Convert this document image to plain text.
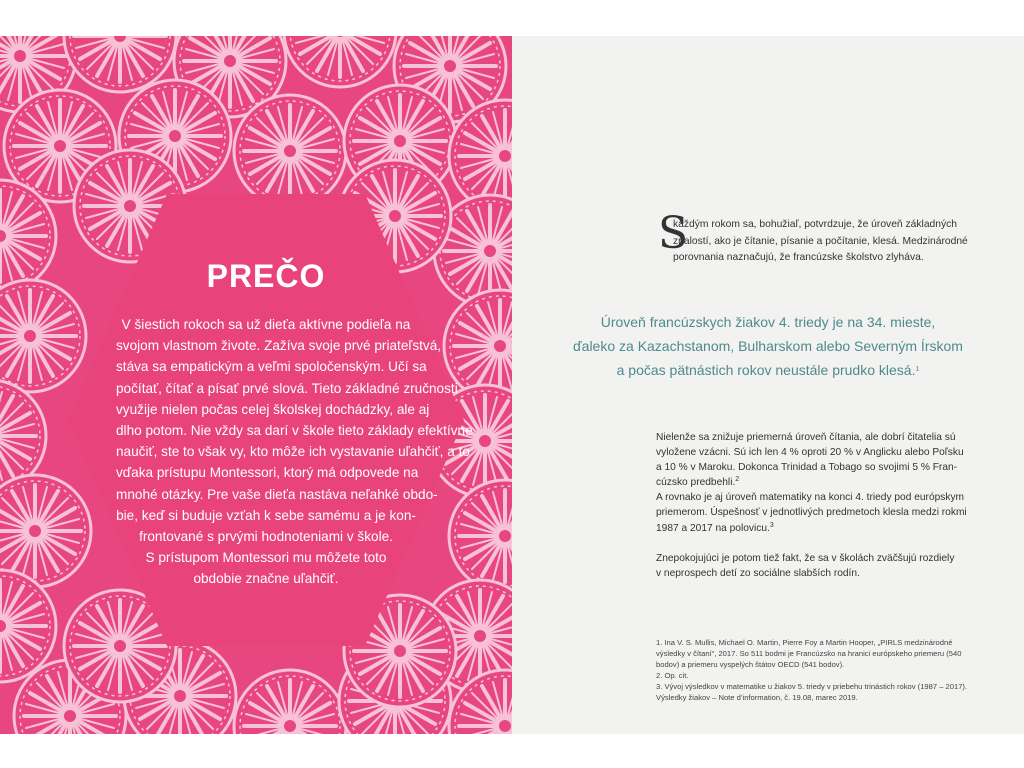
PREČO
V šiestich rokoch sa už dieťa aktívne podieľa na
svojom vlastnom živote. Zažíva svoje prvé priateľstvá,
stáva sa empatickým a veľmi spoločenským. Učí sa
počítať, čítať a písať prvé slová. Tieto základné zručnosti
využije nielen počas celej školskej dochádzky, ale aj
dlho potom. Nie vždy sa darí v škole tieto základy efektívne
naučiť, ste to však vy, kto môže ich vystavanie uľahčiť, a to
vďaka prístupu Montessori, ktorý má odpovede na
mnohé otázky. Pre vaše dieťa nastáva neľahké obdo-
bie, keď si buduje vzťah k sebe samému a je kon-
frontované s prvými hodnoteniami v škole.
S prístupom Montessori mu môžete toto
obdobie značne uľahčiť.
S
každým rokom sa, bohužiaľ, potvrdzuje, že úroveň základných
znalostí, ako je čítanie, písanie a počítanie, klesá. Medzinárodné
porovnania naznačujú, že francúzske školstvo zlyháva.
Úroveň francúzskych žiakov 4. triedy je na 34. mieste,
ďaleko za Kazachstanom, Bulharskom alebo Severným Írskom
a počas pätnástich rokov neustále prudko klesá.$^1$
Nielenže sa znižuje priemerná úroveň čítania, ale dobrí čitatelia sú
vyložene vzácni. Sú ich len 4 % oproti 20 % v Anglicku alebo Poľsku
a 10 % v Maroku. Dokonca Trinidad a Tobago so svojimi 5 % Fran-
cúzsko predbehli.$^2$
A rovnako je aj úroveň matematiky na konci 4. triedy pod európskym
priemerom. Úspešnosť v jednotlivých predmetoch klesla medzi rokmi
1987 a 2017 na polovicu.$^3$
Znepokojujúci je potom tiež fakt, že sa v školách zväčšujú rozdiely
v neprospech detí zo sociálne slabších rodín.
1. Ina V. S. Mullis, Michael O. Martin, Pierre Foy a Martin Hooper, „PIRLS medzinárodné
výsledky v čítaní“, 2017. So 511 bodmi je Francúzsko na hranici európskeho priemeru (540
bodov) a priemeru vyspelých štátov OECD (541 bodov).
2. Op. cit.
3. Vývoj výsledkov v matematike u žiakov 5. triedy v priebehu trinástich rokov (1987 – 2017).
Výsledky žiakov – Note d’information, č. 19.08, marec 2019.
